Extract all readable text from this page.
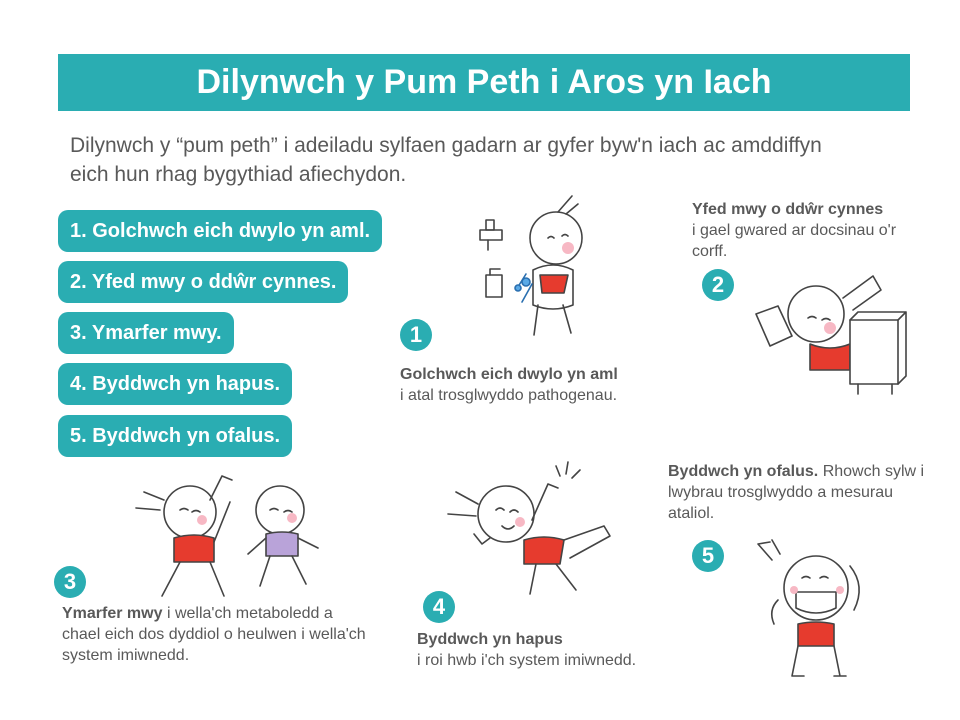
Dilynwch y Pum Peth i Aros yn Iach
Dilynwch y “pum peth” i adeiladu sylfaen gadarn ar gyfer byw'n iach ac amddiffyn eich hun rhag bygythiad afiechydon.
1. Golchwch eich dwylo yn aml.
2. Yfed mwy o ddŵr cynnes.
3. Ymarfer mwy.
4. Byddwch yn hapus.
5. Byddwch yn ofalus.
1
Golchwch eich dwylo yn aml
i atal trosglwyddo pathogenau.
Yfed mwy o ddŵr cynnes
i gael gwared ar docsinau o'r corff.
2
3
Ymarfer mwy i wella'ch metaboledd a chael eich dos dyddiol o heulwen i wella'ch system imiwnedd.
4
Byddwch yn hapus
i roi hwb i'ch system imiwnedd.
Byddwch yn ofalus. Rhowch sylw i lwybrau trosglwyddo a mesurau ataliol.
5
